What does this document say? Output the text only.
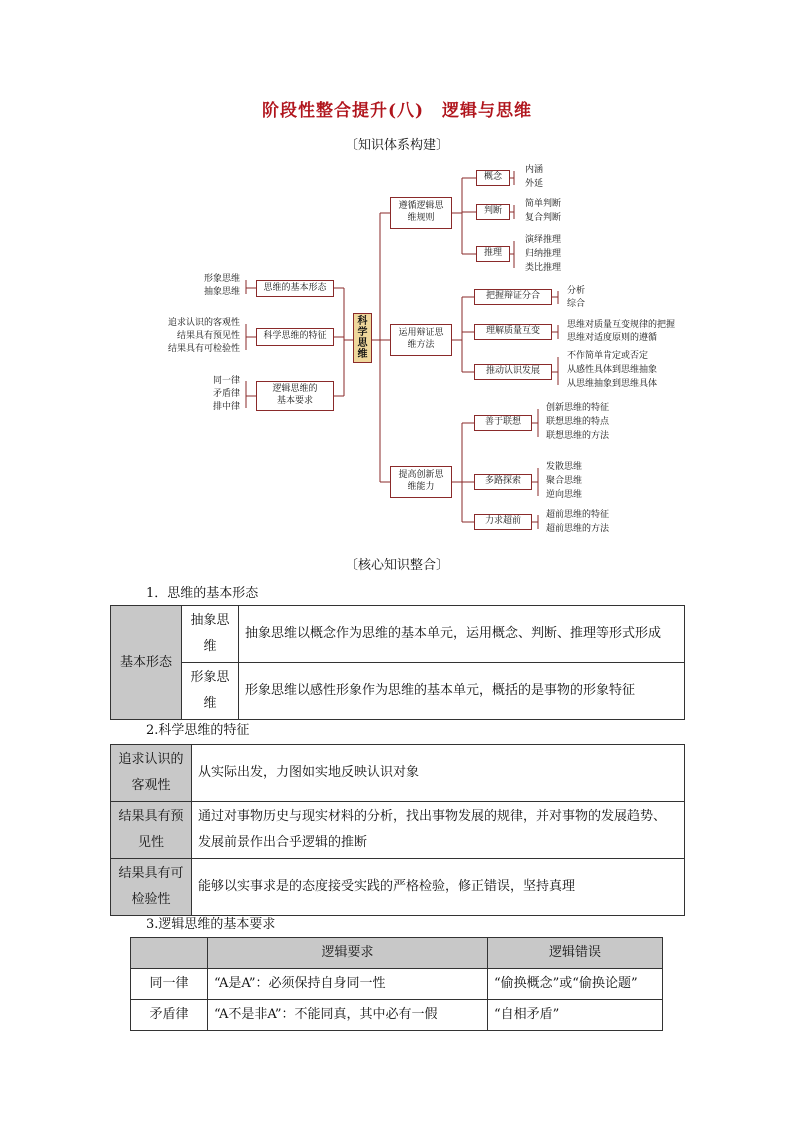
阶段性整合提升(八)　逻辑与思维
〔知识体系构建〕
科学思维
思维的基本形态
形象思维
抽象思维
科学思维的特征
追求认识的客观性
结果具有预见性
结果具有可检验性
逻辑思维的基本要求
同一律
矛盾律
排中律
遵循逻辑思维规则
概念
内涵
外延
判断
简单判断
复合判断
推理
演绎推理
归纳推理
类比推理
运用辩证思维方法
把握辩证分合
分析
综合
理解质量互变
思维对质量互变规律的把握
思维对适度原则的遵循
推动认识发展
不作简单肯定或否定
从感性具体到思维抽象
从思维抽象到思维具体
提高创新思维能力
善于联想
创新思维的特征
联想思维的特点
联想思维的方法
多路探索
发散思维
聚合思维
逆向思维
力求超前
超前思维的特征
超前思维的方法
〔核心知识整合〕
1．思维的基本形态
基本形态	抽象思维	抽象思维以概念作为思维的基本单元，运用概念、判断、推理等形式形成
	形象思维	形象思维以感性形象作为思维的基本单元，概括的是事物的形象特征
2.科学思维的特征
追求认识的客观性	从实际出发，力图如实地反映认识对象
结果具有预见性	通过对事物历史与现实材料的分析，找出事物发展的规律，并对事物的发展趋势、发展前景作出合乎逻辑的推断
结果具有可检验性	能够以实事求是的态度接受实践的严格检验，修正错误，坚持真理
3.逻辑思维的基本要求
	逻辑要求	逻辑错误
同一律	“A是A”：必须保持自身同一性	“偷换概念”或“偷换论题”
矛盾律	“A不是非A”：不能同真，其中必有一假	“自相矛盾”
